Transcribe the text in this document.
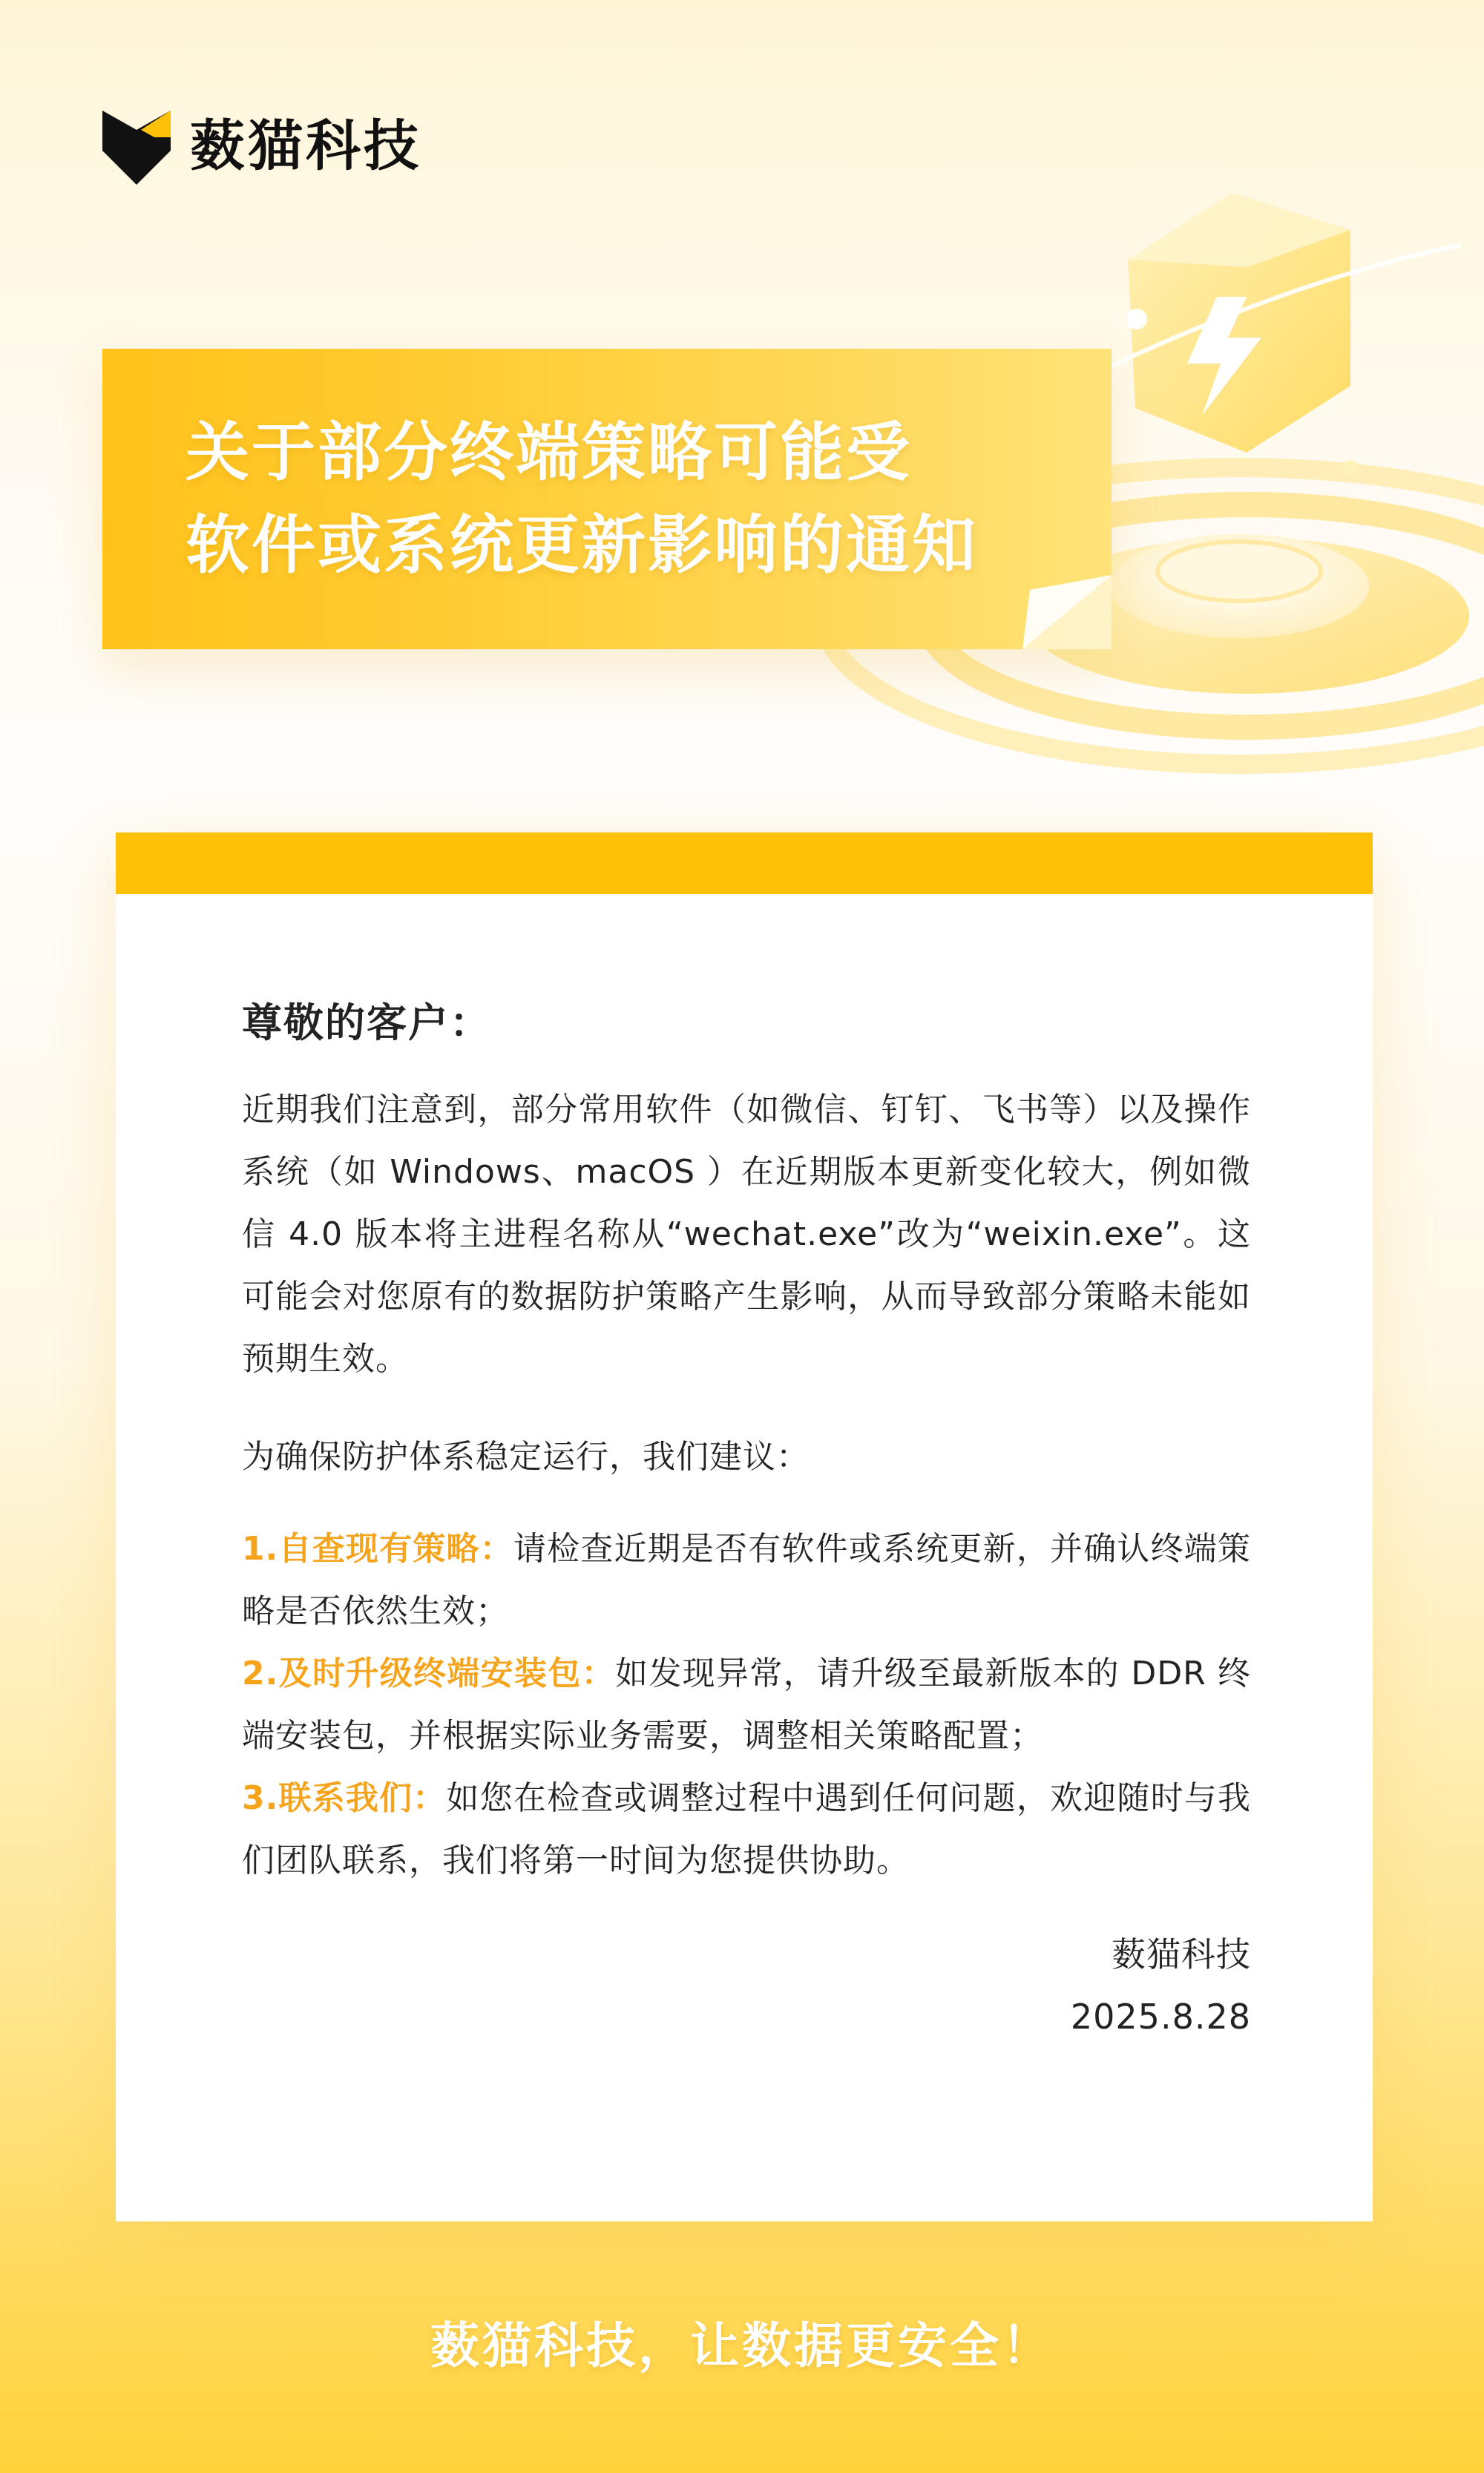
薮猫科技
关于部分终端策略可能受
软件或系统更新影响的通知

尊敬的客户：

近期我们注意到，部分常用软件（如微信、钉钉、飞书等）以及操作系统（如 Windows、macOS ）在近期版本更新变化较大，例如微信 4.0 版本将主进程名称从“wechat.exe”改为“weixin.exe”。这可能会对您原有的数据防护策略产生影响，从而导致部分策略未能如预期生效。

为确保防护体系稳定运行，我们建议：

1.自查现有策略：请检查近期是否有软件或系统更新，并确认终端策略是否依然生效；
2.及时升级终端安装包：如发现异常，请升级至最新版本的 DDR 终端安装包，并根据实际业务需要，调整相关策略配置；
3.联系我们：如您在检查或调整过程中遇到任何问题，欢迎随时与我们团队联系，我们将第一时间为您提供协助。
薮猫科技
2025.8.28

薮猫科技，让数据更安全！
